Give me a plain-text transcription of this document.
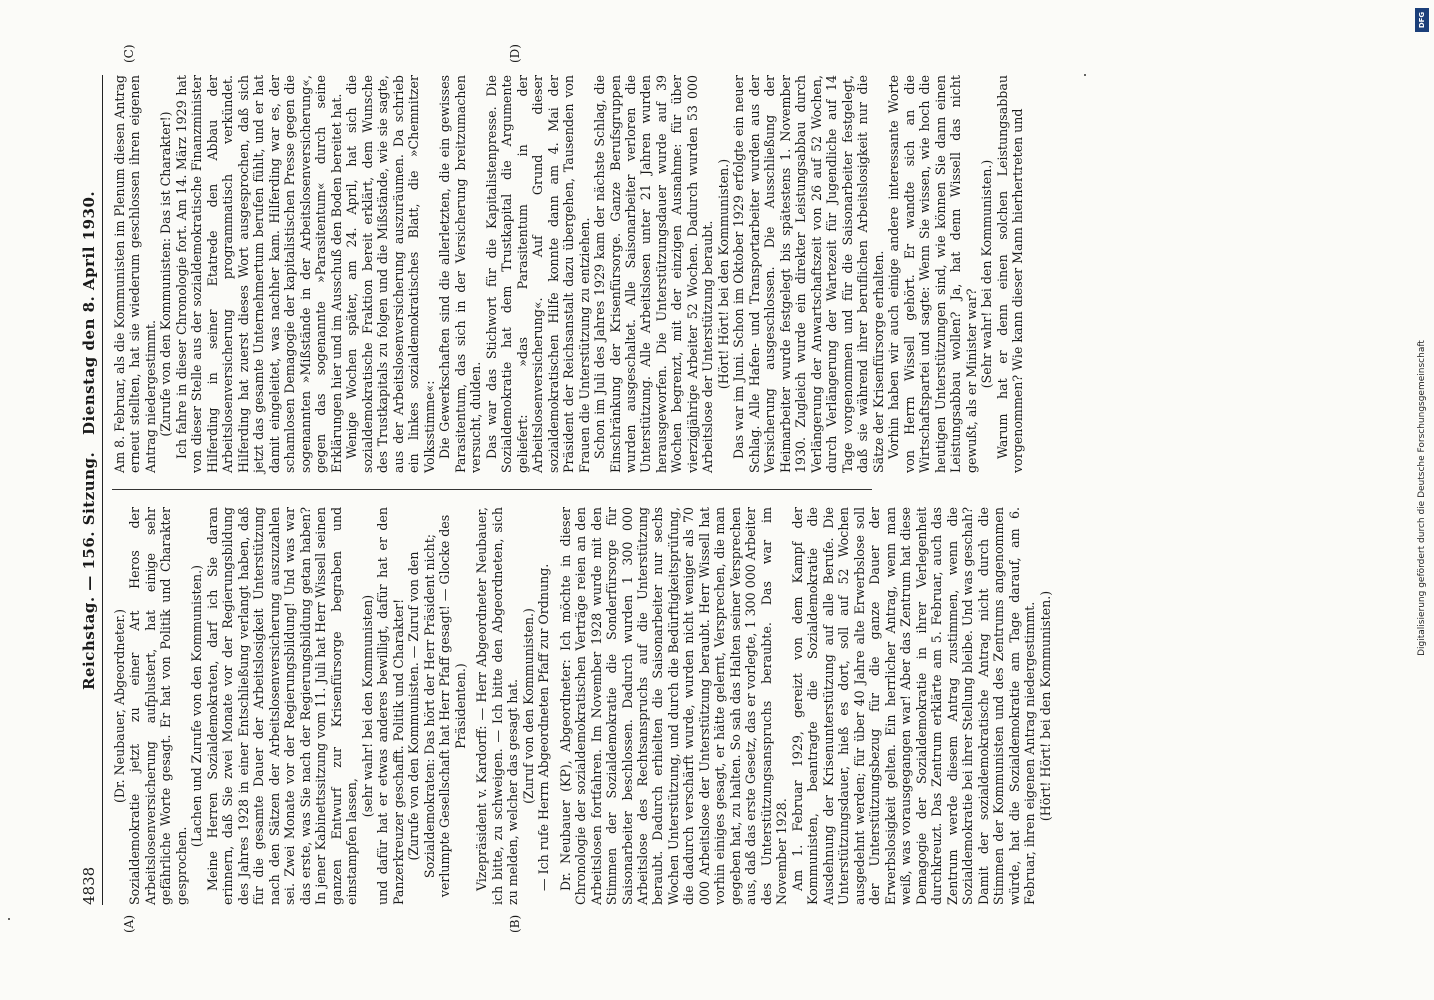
4838
Reichstag. — 156. Sitzung.
Dienstag den 8. April 1930.
(A)	(B)
(C)	(D)

(Dr. Neubauer, Abgeordneter.) Sozialdemokratie jetzt zu einer Art Heros der Arbeitslosenversicherung aufplustert, hat einige sehr gefährliche Worte gesagt. Er hat von Politik und Charakter gesprochen.

(Lachen und Zurufe von den Kommunisten.) Meine Herren Sozialdemokraten, darf ich Sie daran erinnern, daß Sie zwei Monate vor der Regierungsbildung des Jahres 1928 in einer Entschließung verlangt haben, daß für die gesamte Dauer der Arbeitslosigkeit Unterstützung nach den Sätzen der Arbeitslosenversicherung auszuzahlen sei. Zwei Monate vor der Regierungsbildung! Und was war das erste, was Sie nach der Regierungsbildung getan haben? In jener Kabinettssitzung vom 11. Juli hat Herr Wissell seinen ganzen Entwurf zur Krisenfürsorge begraben und einstampfen lassen,

(sehr wahr! bei den Kommunisten) und dafür hat er etwas anderes bewilligt, dafür hat er den Panzerkreuzer geschafft. Politik und Charakter! (Zurufe von den Kommunisten. — Zuruf von den Sozialdemokraten: Das hört der Herr Präsident nicht; verlumpte Gesellschaft hat Herr Pfaff gesagt! — Glocke des Präsidenten.) Vizepräsident v. Kardorff: — Herr Abgeordneter Neubauer, ich bitte, zu schweigen. — Ich bitte den Abgeordneten, sich zu melden, welcher das gesagt hat. (Zuruf von den Kommunisten.) — Ich rufe Herrn Abgeordneten Pfaff zur Ordnung. Dr. Neubauer (KP), Abgeordneter: Ich möchte in dieser Chronologie der sozialdemokratischen Verträge reien an den Arbeitslosen fortfahren. Im November 1928 wurde mit den Stimmen der Sozialdemokratie die Sonderfürsorge für Saisonarbeiter beschlossen. Dadurch wurden 1 300 000 Arbeitslose des Rechtsanspruchs auf die Unterstützung beraubt. Dadurch erhielten die Saisonarbeiter nur sechs Wochen Unterstützung, und durch die Bedürftigkeitsprüfung, die dadurch verschärft wurde, wurden nicht weniger als 70 000 Arbeitslose der Unterstützung beraubt. Herr Wissell hat vorhin einiges gesagt, er hätte gelernt, Versprechen, die man gegeben hat, zu halten. So sah das Halten seiner Versprechen aus, daß das erste Gesetz, das er vorlegte, 1 300 000 Arbeiter des Unterstützungsanspruchs beraubte. Das war im November 1928. Am 1. Februar 1929, gereizt von dem Kampf der Kommunisten, beantragte die Sozialdemokratie die Ausdehnung der Krisenunterstützung auf alle Berufe. Die Unterstützungsdauer, hieß es dort, soll auf 52 Wochen ausgedehnt werden; für über 40 Jahre alte Erwerbslose soll der Unterstützungsbezug für die ganze Dauer der Erwerbslosigkeit gelten. Ein herrlicher Antrag, wenn man weiß, was vorausgegangen war! Aber das Zentrum hat diese Demagogie der Sozialdemokratie in ihrer Verlegenheit durchkreuzt. Das Zentrum erklärte am 5. Februar, auch das Zentrum werde diesem Antrag zustimmen, wenn die Sozialdemokratie bei ihrer Stellung bleibe. Und was geschah? Damit der sozialdemokratische Antrag nicht durch die Stimmen der Kommunisten und des Zentrums angenommen würde, hat die Sozialdemokratie am Tage darauf, am 6. Februar, ihren eigenen Antrag niedergestimmt. (Hört! Hört! bei den Kommunisten.)

Am 8. Februar, als die Kommunisten im Plenum diesen Antrag erneut stellten, hat sie wiederum geschlossen ihren eigenen Antrag niedergestimmt. (Zurufe von den Kommunisten: Das ist Charakter!) Ich fahre in dieser Chronologie fort. Am 14. März 1929 hat von dieser Stelle aus der sozialdemokratische Finanzminister Hilferding in seiner Etatrede den Abbau der Arbeitslosenversicherung programmatisch verkündet. Hilferding hat zuerst dieses Wort ausgesprochen, daß sich jetzt das gesamte Unternehmertum berufen fühlt, und er hat damit eingeleitet, was nachher kam. Hilferding war es, der schamlosen Demagogie der kapitalistischen Presse gegen die sogenannten »Mißstände in der Arbeitslosenversicherung«, gegen das sogenannte »Parasitentum« durch seine Erklärungen hier und im Ausschuß den Boden bereitet hat. Wenige Wochen später, am 24. April, hat sich die sozialdemokratische Fraktion bereit erklärt, dem Wunsche des Trustkapitals zu folgen und die Mißstände, wie sie sagte, aus der Arbeitslosenversicherung auszuräumen. Da schrieb ein linkes sozialdemokratisches Blatt, die »Chemnitzer Volksstimme«: Die Gewerkschaften sind die allerletzten, die ein gewisses Parasitentum, das sich in der Versicherung breitzumachen versucht, dulden. Das war das Stichwort für die Kapitalistenpresse. Die Sozialdemokratie hat dem Trustkapital die Argumente geliefert: »das Parasitentum in der Arbeitslosenversicherung«. Auf Grund dieser sozialdemokratischen Hilfe konnte dann am 4. Mai der Präsident der Reichsanstalt dazu übergehen, Tausenden von Frauen die Unterstützung zu entziehen. Schon im Juli des Jahres 1929 kam der nächste Schlag, die Einschränkung der Krisenfürsorge. Ganze Berufsgruppen wurden ausgeschaltet. Alle Saisonarbeiter verloren die Unterstützung. Alle Arbeitslosen unter 21 Jahren wurden herausgeworfen. Die Unterstützungsdauer wurde auf 39 Wochen begrenzt, mit der einzigen Ausnahme: für über vierzigjährige Arbeiter 52 Wochen. Dadurch wurden 53 000 Arbeitslose der Unterstützung beraubt. (Hört! Hört! bei den Kommunisten.) Das war im Juni. Schon im Oktober 1929 erfolgte ein neuer Schlag. Alle Hafen- und Transportarbeiter wurden aus der Versicherung ausgeschlossen. Die Ausschließung der Heimarbeiter wurde festgelegt bis spätestens 1. November 1930. Zugleich wurde ein direkter Leistungsabbau durch Verlängerung der Anwartschaftszeit von 26 auf 52 Wochen, durch Verlängerung der Wartezeit für Jugendliche auf 14 Tage vorgenommen und für die Saisonarbeiter festgelegt, daß sie während ihrer beruflichen Arbeitslosigkeit nur die Sätze der Krisenfürsorge erhalten. Vorhin haben wir auch einige andere interessante Worte von Herrn Wissell gehört. Er wandte sich an die Wirtschaftspartei und sagte: Wenn Sie wissen, wie hoch die heutigen Unterstützungen sind, wie können Sie dann einen Leistungsabbau wollen? Ja, hat denn Wissell das nicht gewußt, als er Minister war? (Sehr wahr! bei den Kommunisten.) Warum hat er denn einen solchen Leistungsabbau vorgenommen? Wie kann dieser Mann hierhertreten und

DFG
Digitalisierung gefördert durch die Deutsche Forschungsgemeinschaft
